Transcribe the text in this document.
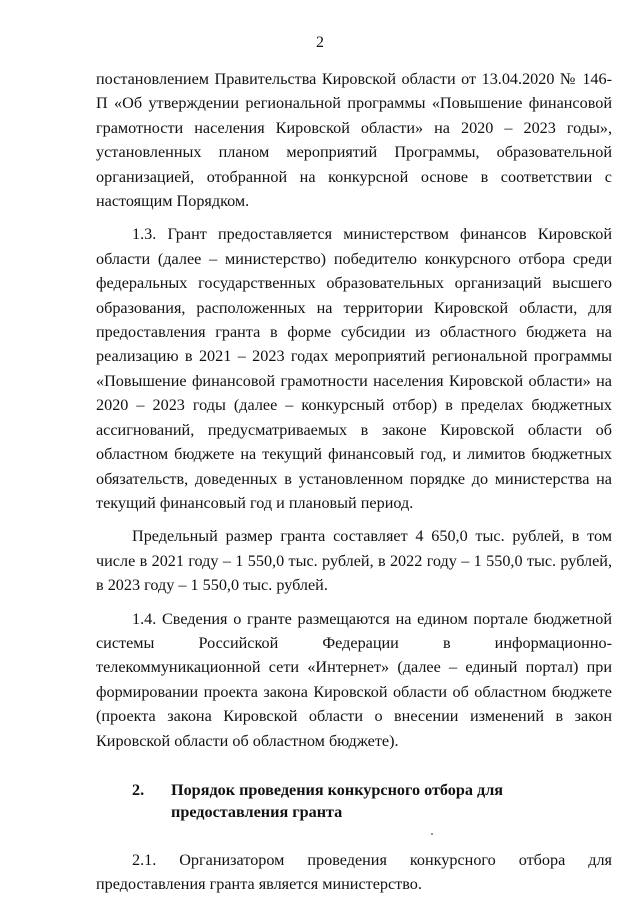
2

постановлением Правительства Кировской области от 13.04.2020 № 146-П «Об утверждении региональной программы «Повышение финансовой грамотности населения Кировской области» на 2020 – 2023 годы», установленных планом мероприятий Программы, образовательной организацией, отобранной на конкурсной основе в соответствии с настоящим Порядком.

1.3. Грант предоставляется министерством финансов Кировской области (далее – министерство) победителю конкурсного отбора среди федеральных государственных образовательных организаций высшего образования, расположенных на территории Кировской области, для предоставления гранта в форме субсидии из областного бюджета на реализацию в 2021 – 2023 годах мероприятий региональной программы «Повышение финансовой грамотности населения Кировской области» на 2020 – 2023 годы (далее – конкурсный отбор) в пределах бюджетных ассигнований, предусматриваемых в законе Кировской области об областном бюджете на текущий финансовый год, и лимитов бюджетных обязательств, доведенных в установленном порядке до министерства на текущий финансовый год и плановый период.

Предельный размер гранта составляет 4 650,0 тыс. рублей, в том числе в 2021 году – 1 550,0 тыс. рублей, в 2022 году – 1 550,0 тыс. рублей, в 2023 году – 1 550,0 тыс. рублей.

1.4. Сведения о гранте размещаются на едином портале бюджетной системы Российской Федерации в информационно-телекоммуникационной сети «Интернет» (далее – единый портал) при формировании проекта закона Кировской области об областном бюджете (проекта закона Кировской области о внесении изменений в закон Кировской области об областном бюджете).

2.	Порядок проведения конкурсного отбора для предоставления гранта

2.1. Организатором проведения конкурсного отбора для предоставления гранта является министерство.
